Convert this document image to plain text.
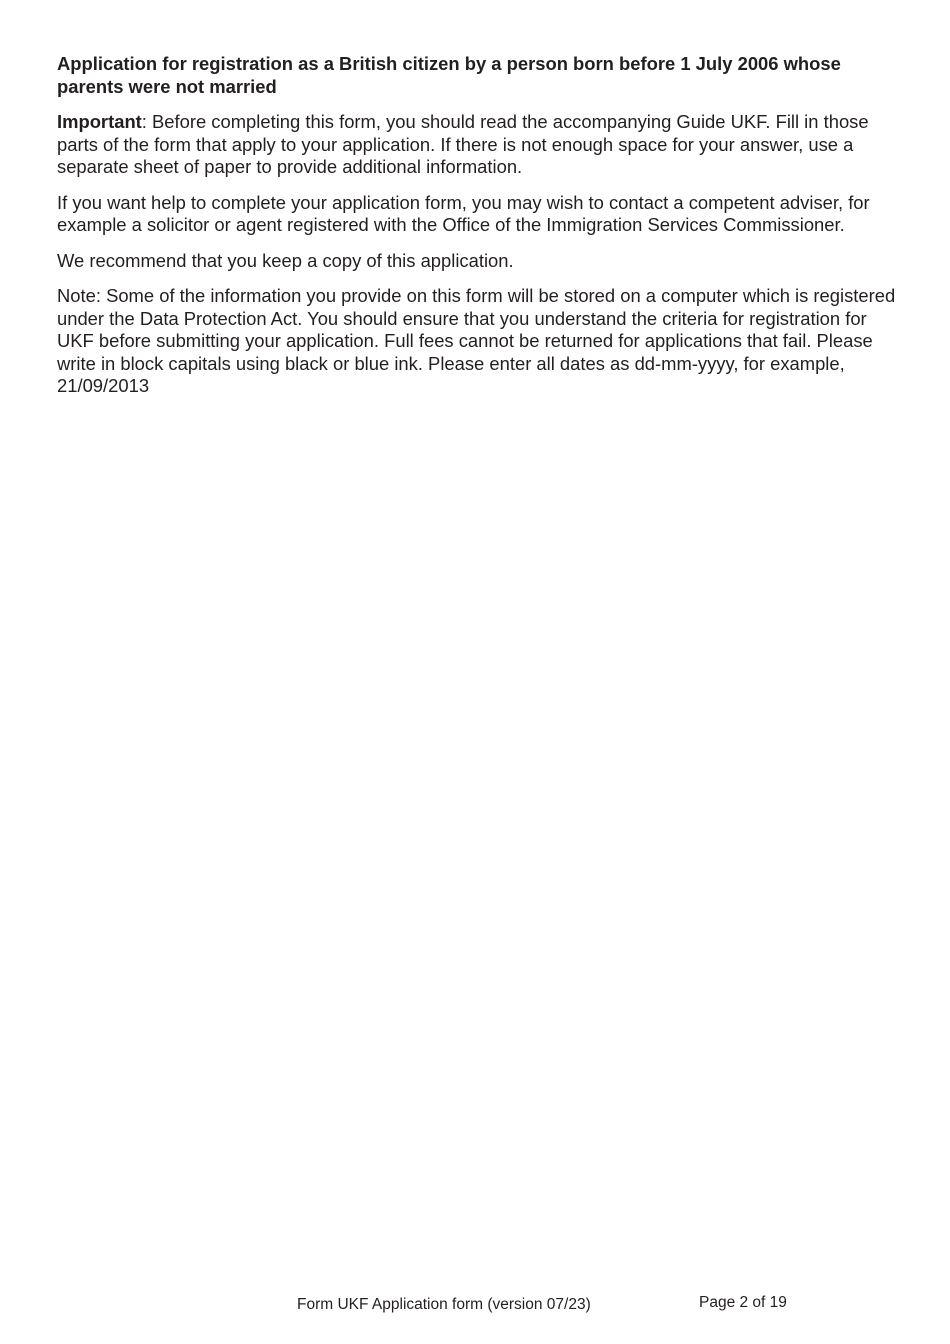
Application for registration as a British citizen by a person born before 1 July 2006 whose parents were not married

Important: Before completing this form, you should read the accompanying Guide UKF. Fill in those parts of the form that apply to your application. If there is not enough space for your answer, use a separate sheet of paper to provide additional information.

If you want help to complete your application form, you may wish to contact a competent adviser, for example a solicitor or agent registered with the Office of the Immigration Services Commissioner.

We recommend that you keep a copy of this application.

Note: Some of the information you provide on this form will be stored on a computer which is registered under the Data Protection Act. You should ensure that you understand the criteria for registration for UKF before submitting your application. Full fees cannot be returned for applications that fail. Please write in block capitals using black or blue ink. Please enter all dates as dd-mm-yyyy, for example, 21/09/2013

Form UKF Application form (version 07/23)	Page 2 of 19
